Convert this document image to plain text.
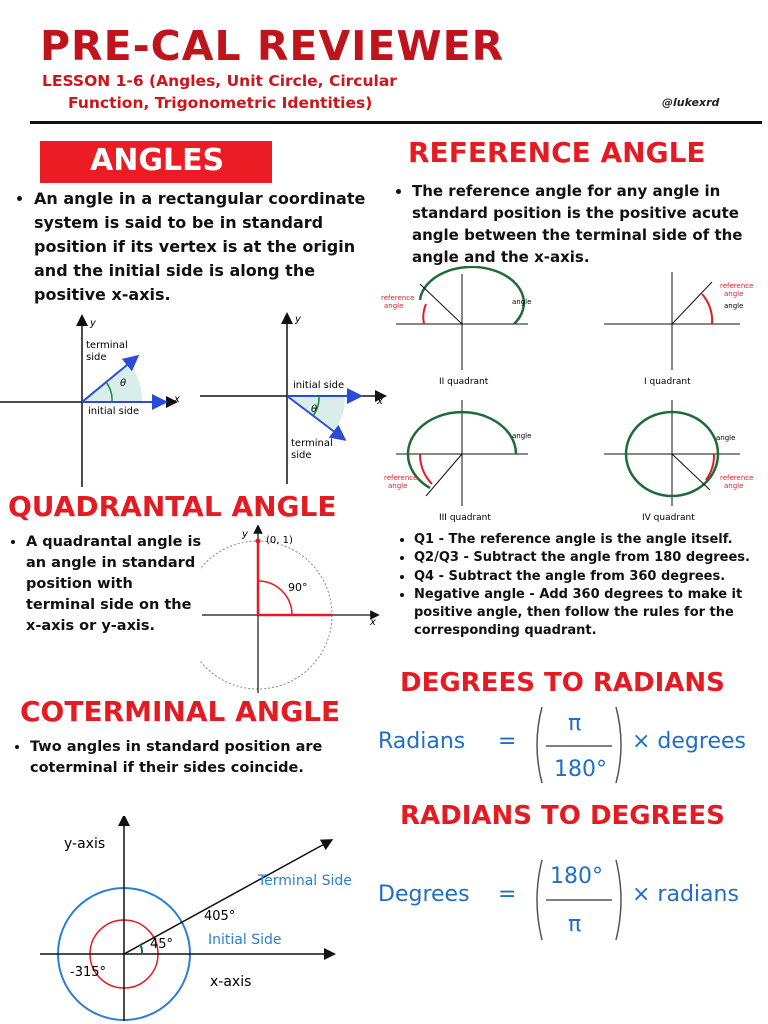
PRE-CAL REVIEWER
LESSON 1-6 (Angles, Unit Circle, Circular
Function, Trigonometric Identities)	@lukexrd
ANGLES
• An angle in a rectangular coordinate system is said to be in standard position if its vertex is at the origin and the initial side is along the positive x-axis.
y
x
terminal
side
θ
initial side
y
x
initial side
terminal
side
θ
QUADRANTAL ANGLE
• A quadrantal angle is an angle in standard position with terminal side on the x-axis or y-axis.
y
x
(0, 1)
90°
COTERMINAL ANGLE
• Two angles in standard position are coterminal if their sides coincide.
y-axis
x-axis
Terminal Side
Initial Side
405°
45°
-315°
REFERENCE ANGLE
• The reference angle for any angle in standard position is the positive acute angle between the terminal side of the angle and the x-axis.
reference
angle	angle
II quadrant
reference
angle
angle
I quadrant
reference
angle
angle
III quadrant
angle
reference
angle
IV quadrant
• Q1 - The reference angle is the angle itself.
• Q2/Q3 - Subtract the angle from 180 degrees.
• Q4 - Subtract the angle from 360 degrees.
• Negative angle - Add 360 degrees to make it positive angle, then follow the rules for the corresponding quadrant.
DEGREES TO RADIANS
Radians =
π
180°
× degrees
RADIANS TO DEGREES
Degrees =
180°
π
× radians
